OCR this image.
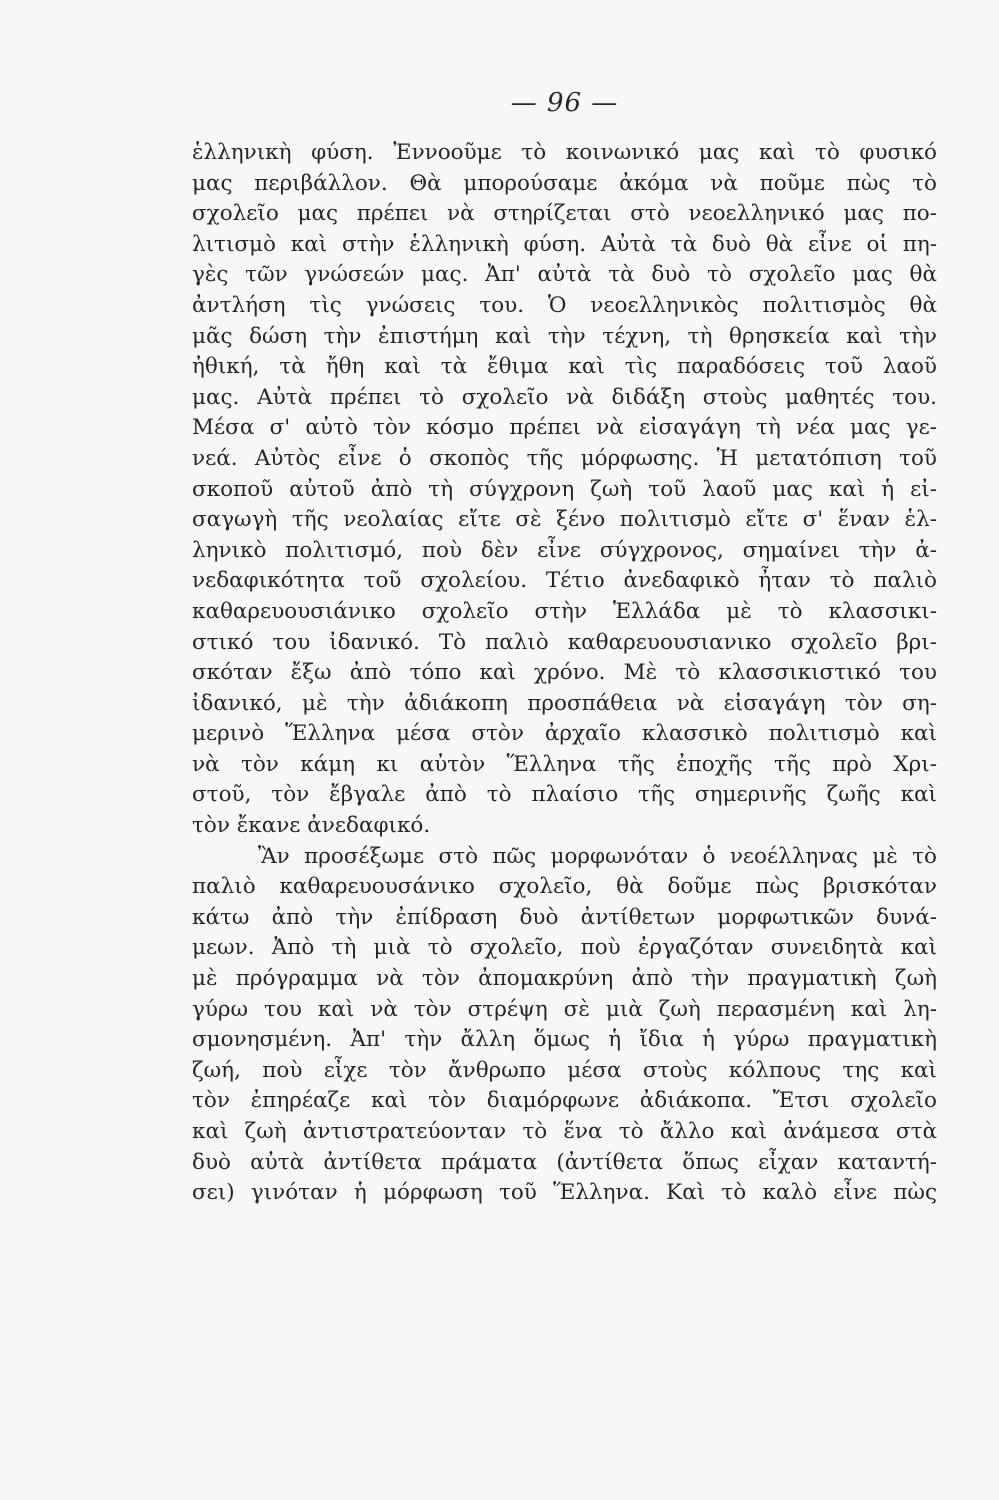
— 96 —
ἑλληνικὴ φύση. Ἐννοοῦμε τὸ κοινωνικό μας καὶ τὸ φυσικό
μας περιβάλλον. Θὰ μπορούσαμε ἀκόμα νὰ ποῦμε πὼς τὸ
σχολεῖο μας πρέπει νὰ στηρίζεται στὸ νεοελληνικό μας πο-
λιτισμὸ καὶ στὴν ἑλληνικὴ φύση. Αὐτὰ τὰ δυὸ θὰ εἶνε οἱ πη-
γὲς τῶν γνώσεών μας. Ἀπ' αὐτὰ τὰ δυὸ τὸ σχολεῖο μας θὰ
ἀντλήση τὶς γνώσεις του. Ὁ νεοελληνικὸς πολιτισμὸς θὰ
μᾶς δώση τὴν ἐπιστήμη καὶ τὴν τέχνη, τὴ θρησκεία καὶ τὴν
ἠθική, τὰ ἤθη καὶ τὰ ἔθιμα καὶ τὶς παραδόσεις τοῦ λαοῦ
μας. Αὐτὰ πρέπει τὸ σχολεῖο νὰ διδάξη στοὺς μαθητές του.
Μέσα σ' αὐτὸ τὸν κόσμο πρέπει νὰ εἰσαγάγη τὴ νέα μας γε-
νεά. Αὐτὸς εἶνε ὁ σκοπὸς τῆς μόρφωσης. Ἡ μετατόπιση τοῦ
σκοποῦ αὐτοῦ ἀπὸ τὴ σύγχρονη ζωὴ τοῦ λαοῦ μας καὶ ἡ εἰ-
σαγωγὴ τῆς νεολαίας εἴτε σὲ ξένο πολιτισμὸ εἴτε σ' ἕναν ἑλ-
ληνικὸ πολιτισμό, ποὺ δὲν εἶνε σύγχρονος, σημαίνει τὴν ἀ-
νεδαφικότητα τοῦ σχολείου. Τέτιο ἀνεδαφικὸ ἦταν τὸ παλιὸ
καθαρευουσιάνικο σχολεῖο στὴν Ἑλλάδα μὲ τὸ κλασσικι-
στικό του ἰδανικό. Τὸ παλιὸ καθαρευουσιανικο σχολεῖο βρι-
σκόταν ἔξω ἀπὸ τόπο καὶ χρόνο. Μὲ τὸ κλασσικιστικό του
ἰδανικό, μὲ τὴν ἀδιάκοπη προσπάθεια νὰ εἰσαγάγη τὸν ση-
μερινὸ Ἕλληνα μέσα στὸν ἀρχαῖο κλασσικὸ πολιτισμὸ καὶ
νὰ τὸν κάμη κι αὐτὸν Ἕλληνα τῆς ἐποχῆς τῆς πρὸ Χρι-
στοῦ, τὸν ἔβγαλε ἀπὸ τὸ πλαίσιο τῆς σημερινῆς ζωῆς καὶ
τὸν ἔκανε ἀνεδαφικό.
Ἂν προσέξωμε στὸ πῶς μορφωνόταν ὁ νεοέλληνας μὲ τὸ
παλιὸ καθαρευουσάνικο σχολεῖο, θὰ δοῦμε πὼς βρισκόταν
κάτω ἀπὸ τὴν ἐπίδραση δυὸ ἀντίθετων μορφωτικῶν δυνά-
μεων. Ἀπὸ τὴ μιὰ τὸ σχολεῖο, ποὺ ἐργαζόταν συνειδητὰ καὶ
μὲ πρόγραμμα νὰ τὸν ἀπομακρύνη ἀπὸ τὴν πραγματικὴ ζωὴ
γύρω του καὶ νὰ τὸν στρέψη σὲ μιὰ ζωὴ περασμένη καὶ λη-
σμονησμένη. Ἀπ' τὴν ἄλλη ὅμως ἡ ἴδια ἡ γύρω πραγματικὴ
ζωή, ποὺ εἶχε τὸν ἄνθρωπο μέσα στοὺς κόλπους της καὶ
τὸν ἐπηρέαζε καὶ τὸν διαμόρφωνε ἀδιάκοπα. Ἔτσι σχολεῖο
καὶ ζωὴ ἀντιστρατεύονταν τὸ ἕνα τὸ ἄλλο καὶ ἀνάμεσα στὰ
δυὸ αὐτὰ ἀντίθετα πράματα (ἀντίθετα ὅπως εἶχαν καταντή-
σει) γινόταν ἡ μόρφωση τοῦ Ἕλληνα. Καὶ τὸ καλὸ εἶνε πὼς
